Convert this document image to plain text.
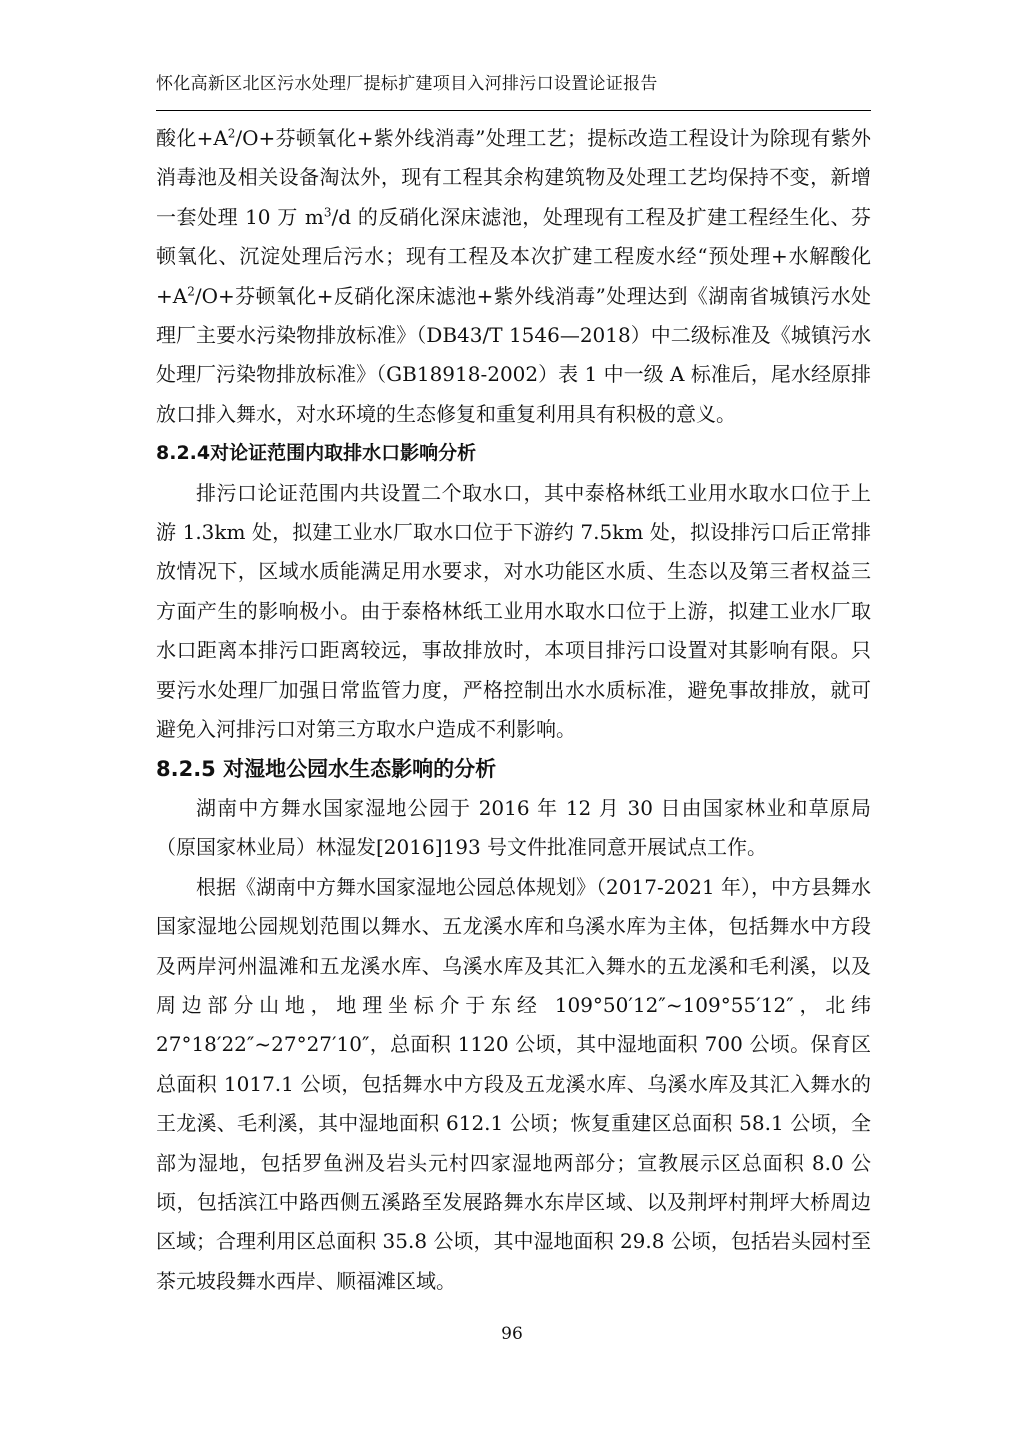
怀化高新区北区污水处理厂提标扩建项目入河排污口设置论证报告

酸化$+A^2/O+$芬顿氧化+紫外线消毒”处理工艺；提标改造工程设计为除现有紫外消毒池及相关设备淘汰外，现有工程其余构建筑物及处理工艺均保持不变，新增一套处理 10 万 $m^3/d$ 的反硝化深床滤池，处理现有工程及扩建工程经生化、芬顿氧化、沉淀处理后污水；现有工程及本次扩建工程废水经“预处理+水解酸化$+A^2/O+$芬顿氧化+反硝化深床滤池+紫外线消毒”处理达到《湖南省城镇污水处理厂主要水污染物排放标准》（DB43/T 1546—2018）中二级标准及《城镇污水处理厂污染物排放标准》（GB18918-2002）表 1 中一级 A 标准后，尾水经原排放口排入舞水，对水环境的生态修复和重复利用具有积极的意义。

8.2.4对论证范围内取排水口影响分析

排污口论证范围内共设置二个取水口，其中泰格林纸工业用水取水口位于上游 1.3km 处，拟建工业水厂取水口位于下游约 7.5km 处，拟设排污口后正常排放情况下，区域水质能满足用水要求，对水功能区水质、生态以及第三者权益三方面产生的影响极小。由于泰格林纸工业用水取水口位于上游，拟建工业水厂取水口距离本排污口距离较远，事故排放时，本项目排污口设置对其影响有限。只要污水处理厂加强日常监管力度，严格控制出水水质标准，避免事故排放，就可避免入河排污口对第三方取水户造成不利影响。

8.2.5 对湿地公园水生态影响的分析

湖南中方舞水国家湿地公园于 2016 年 12 月 30 日由国家林业和草原局（原国家林业局）林湿发[2016]193 号文件批准同意开展试点工作。

根据《湖南中方舞水国家湿地公园总体规划》（2017-2021 年），中方县舞水国家湿地公园规划范围以舞水、五龙溪水库和乌溪水库为主体，包括舞水中方段及两岸河州温滩和五龙溪水库、乌溪水库及其汇入舞水的五龙溪和毛利溪，以及周边部分山地，地理坐标介于东经 109°50′12″~109°55′12″，北纬 27°18′22″~27°27′10″，总面积 1120 公顷，其中湿地面积 700 公顷。保育区总面积 1017.1 公顷，包括舞水中方段及五龙溪水库、乌溪水库及其汇入舞水的王龙溪、毛利溪，其中湿地面积 612.1 公顷；恢复重建区总面积 58.1 公顷，全部为湿地，包括罗鱼洲及岩头元村四家湿地两部分；宣教展示区总面积 8.0 公顷，包括滨江中路西侧五溪路至发展路舞水东岸区域、以及荆坪村荆坪大桥周边区域；合理利用区总面积 35.8 公顷，其中湿地面积 29.8 公顷，包括岩头园村至茶元坡段舞水西岸、顺福滩区域。

96
